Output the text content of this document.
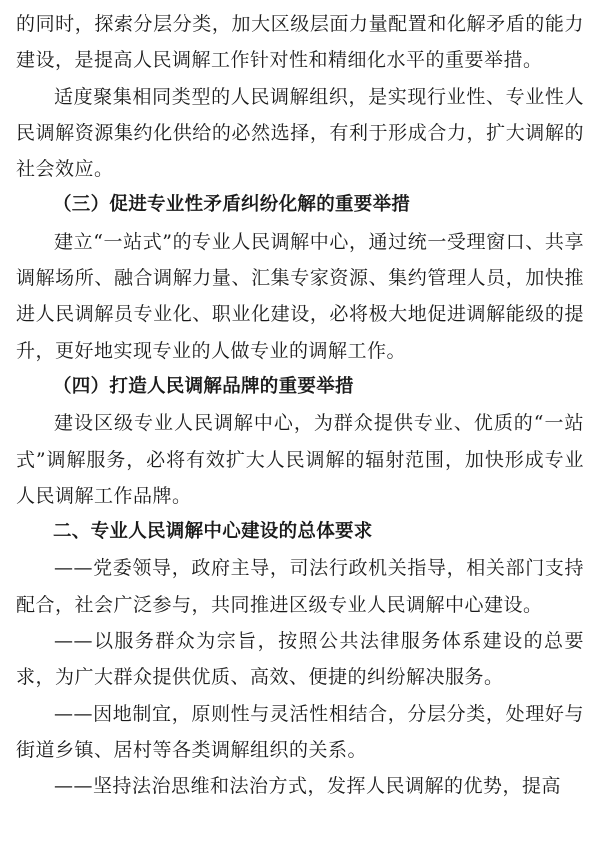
的同时，探索分层分类，加大区级层面力量配置和化解矛盾的能力建设，是提高人民调解工作针对性和精细化水平的重要举措。

适度聚集相同类型的人民调解组织，是实现行业性、专业性人民调解资源集约化供给的必然选择，有利于形成合力，扩大调解的社会效应。

（三）促进专业性矛盾纠纷化解的重要举措

建立“一站式”的专业人民调解中心，通过统一受理窗口、共享调解场所、融合调解力量、汇集专家资源、集约管理人员，加快推进人民调解员专业化、职业化建设，必将极大地促进调解能级的提升，更好地实现专业的人做专业的调解工作。

（四）打造人民调解品牌的重要举措

建设区级专业人民调解中心，为群众提供专业、优质的“一站式”调解服务，必将有效扩大人民调解的辐射范围，加快形成专业人民调解工作品牌。

二、专业人民调解中心建设的总体要求

——党委领导，政府主导，司法行政机关指导，相关部门支持配合，社会广泛参与，共同推进区级专业人民调解中心建设。

——以服务群众为宗旨，按照公共法律服务体系建设的总要求，为广大群众提供优质、高效、便捷的纠纷解决服务。

——因地制宜，原则性与灵活性相结合，分层分类，处理好与街道乡镇、居村等各类调解组织的关系。

——坚持法治思维和法治方式，发挥人民调解的优势，提高
